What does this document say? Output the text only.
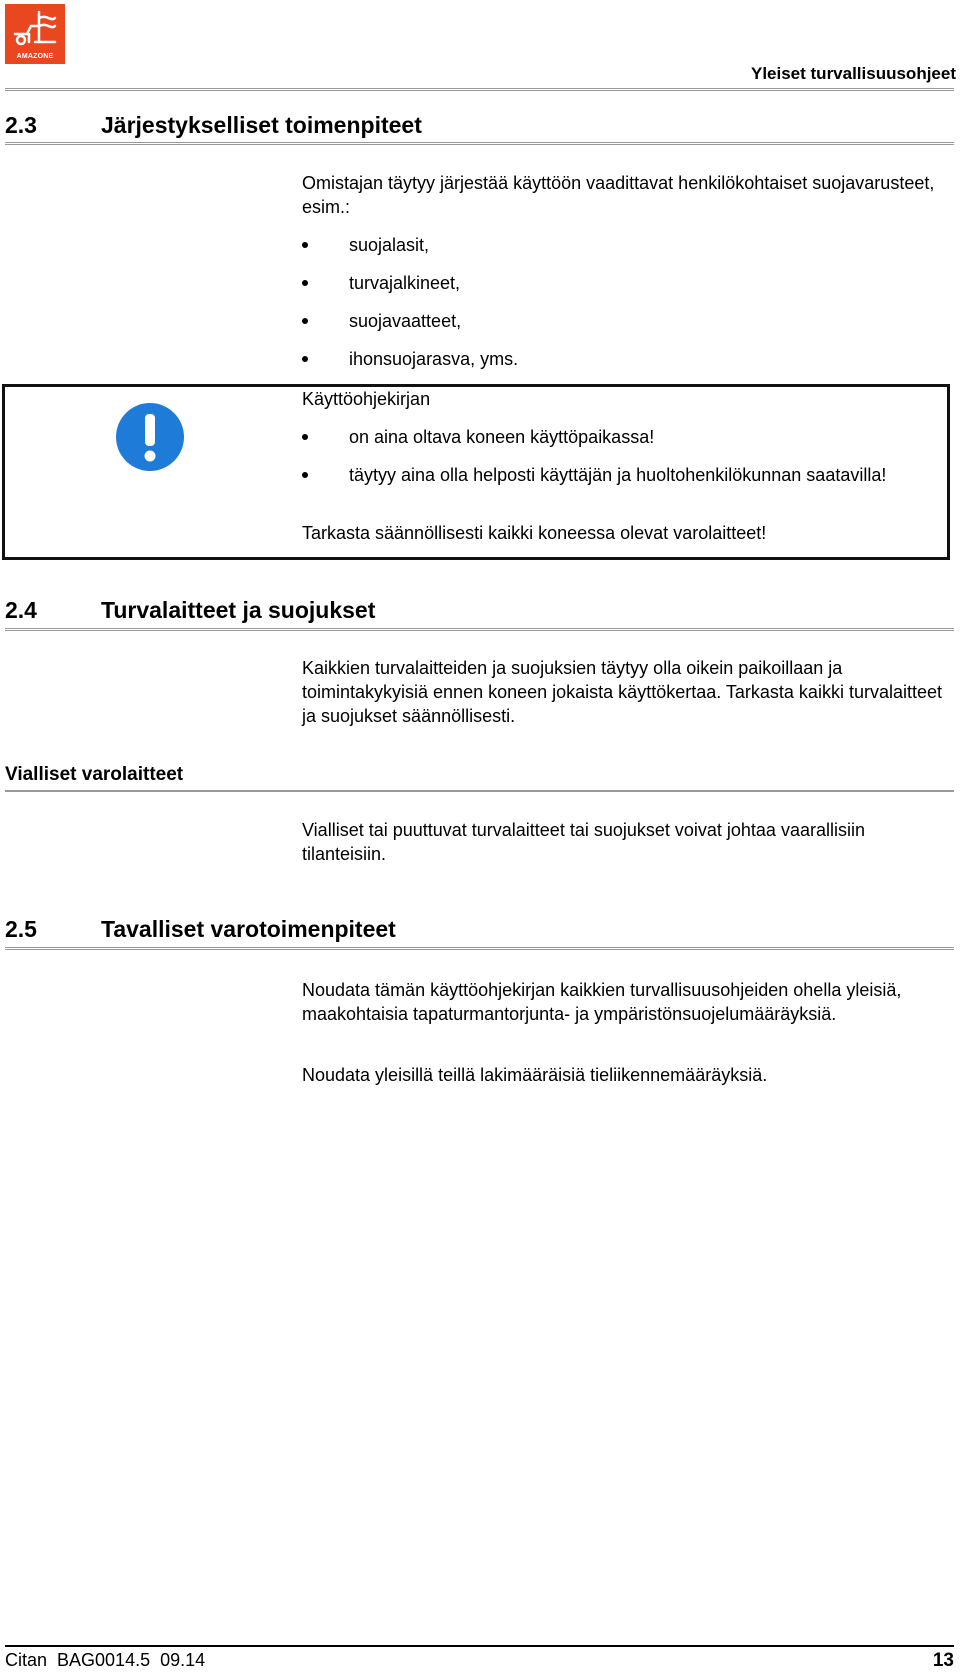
AMAZONE
Yleiset turvallisuusohjeet
2.3	Järjestykselliset toimenpiteet
Omistajan täytyy järjestää käyttöön vaadittavat henkilökohtaiset suojavarusteet, esim.:
suojalasit,
turvajalkineet,
suojavaatteet,
ihonsuojarasva, yms.
Käyttöohjekirjan
on aina oltava koneen käyttöpaikassa!
täytyy aina olla helposti käyttäjän ja huoltohenkilökunnan saatavilla!
Tarkasta säännöllisesti kaikki koneessa olevat varolaitteet!
2.4	Turvalaitteet ja suojukset
Kaikkien turvalaitteiden ja suojuksien täytyy olla oikein paikoillaan ja toimintakykyisiä ennen koneen jokaista käyttökertaa. Tarkasta kaikki turvalaitteet ja suojukset säännöllisesti.
Vialliset varolaitteet
Vialliset tai puuttuvat turvalaitteet tai suojukset voivat johtaa vaarallisiin tilanteisiin.
2.5	Tavalliset varotoimenpiteet
Noudata tämän käyttöohjekirjan kaikkien turvallisuusohjeiden ohella yleisiä, maakohtaisia tapaturmantorjunta- ja ympäristönsuojelumääräyksiä.
Noudata yleisillä teillä lakimääräisiä tieliikennemääräyksiä.
Citan  BAG0014.5  09.14	13
